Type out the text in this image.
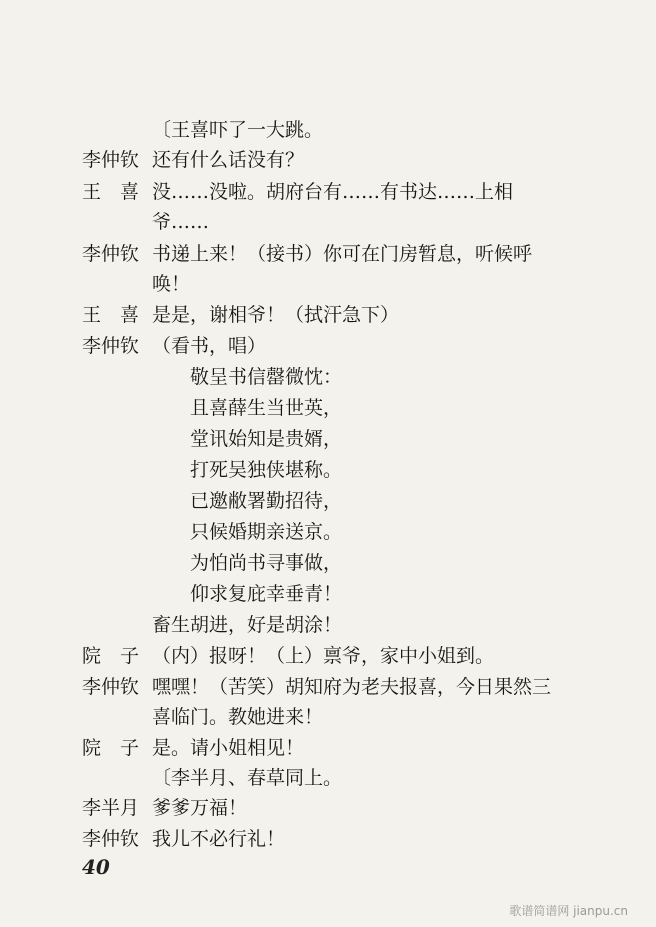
〔王喜吓了一大跳。
李仲钦 还有什么话没有？
王　喜 没……没啦。胡府台有……有书达……上相
爷……
李仲钦 书递上来！（接书）你可在门房暂息，听候呼
唤！
王　喜 是是，谢相爷！（拭汗急下）
李仲钦 （看书，唱）
敬呈书信罄微忱：
且喜薛生当世英，
堂讯始知是贵婿，
打死吴独侠堪称。
已邀敝署勤招待，
只候婚期亲送京。
为怕尚书寻事做，
仰求复庇幸垂青！
畜生胡进，好是胡涂！
院　子 （内）报呀！（上）禀爷，家中小姐到。
李仲钦 嘿嘿！（苦笑）胡知府为老夫报喜，今日果然三
喜临门。教她进来！
院　子 是。请小姐相见！
〔李半月、春草同上。
李半月 爹爹万福！
李仲钦 我儿不必行礼！
40
歌谱简谱网 jianpu.cn
